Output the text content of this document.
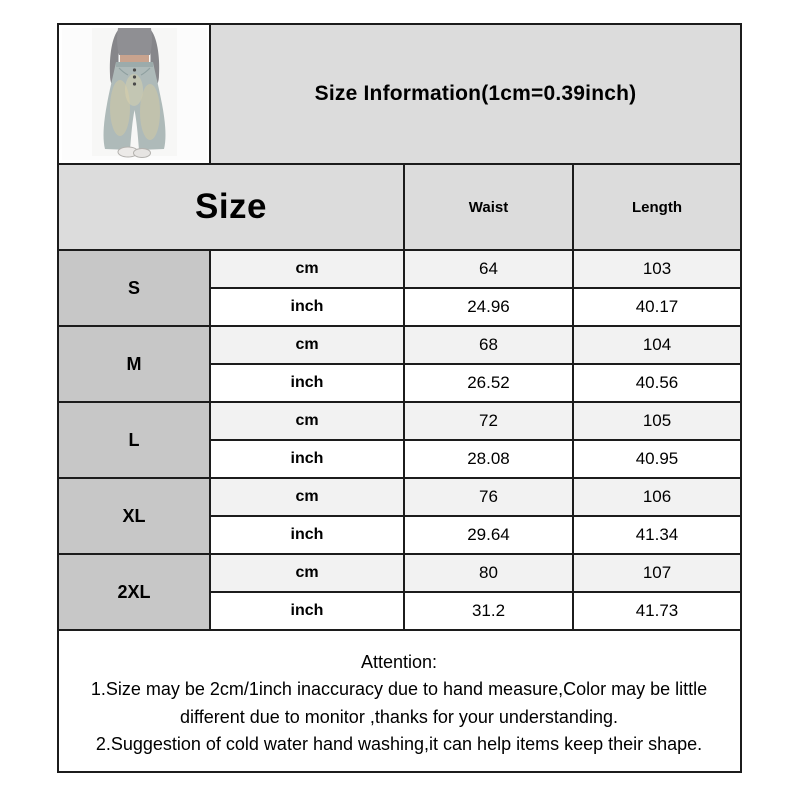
	Size Information(1cm=0.39inch)		
Size		Waist	Length
S	cm	64	103
	inch	24.96	40.17
M	cm	68	104
	inch	26.52	40.56
L	cm	72	105
	inch	28.08	40.95
XL	cm	76	106
	inch	29.64	41.34
2XL	cm	80	107
	inch	31.2	41.73

Attention:
1.Size may be 2cm/1inch inaccuracy due to hand measure,Color may be little
different due to monitor ,thanks for your understanding.
2.Suggestion of cold water hand washing,it can help items keep their shape.			
